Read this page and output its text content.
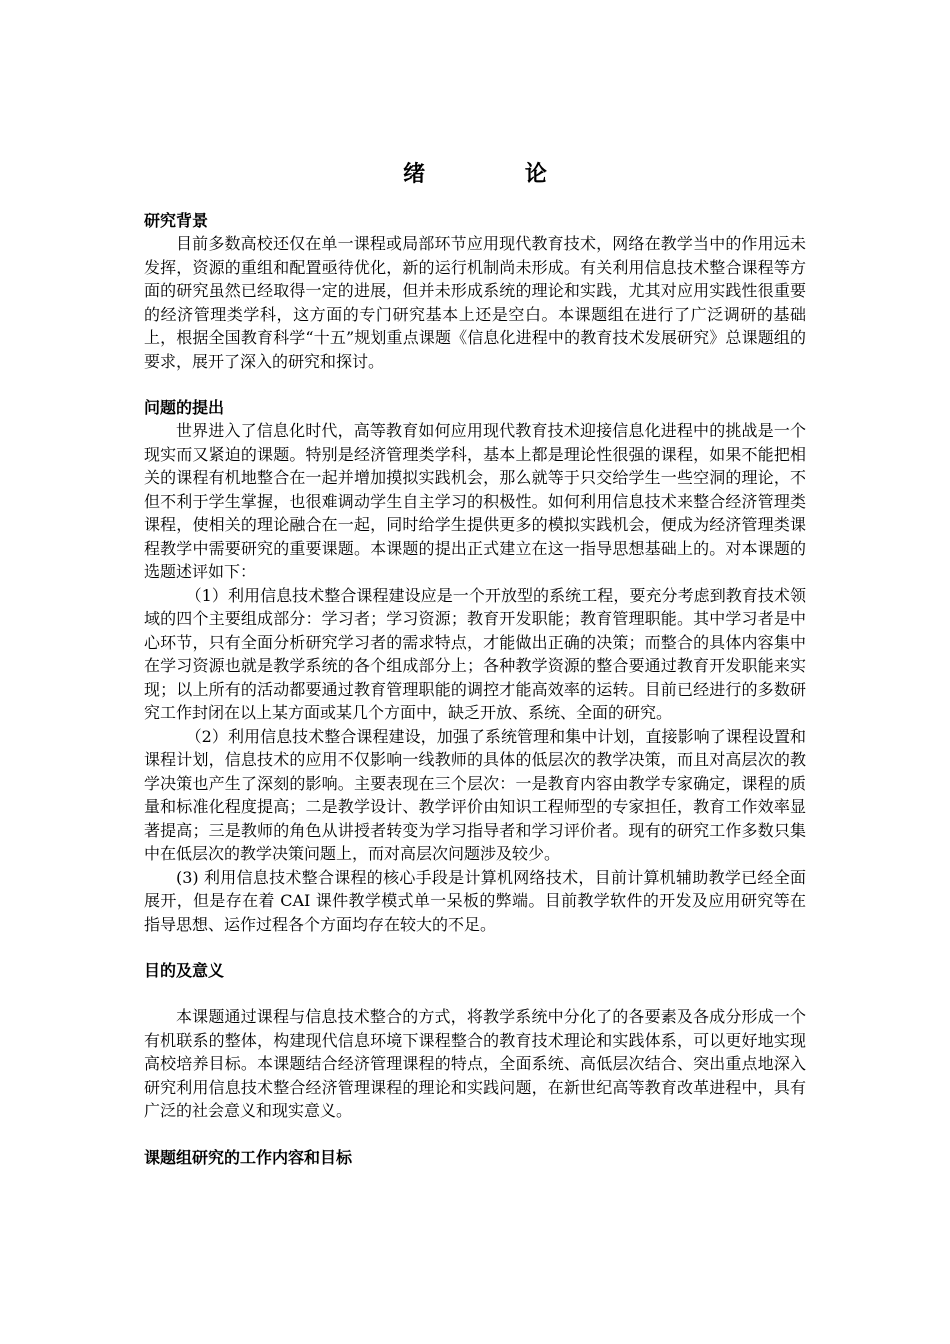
绪 论

研究背景

目前多数高校还仅在单一课程或局部环节应用现代教育技术，网络在教学当中的作用远未发挥，资源的重组和配置亟待优化，新的运行机制尚未形成。有关利用信息技术整合课程等方面的研究虽然已经取得一定的进展，但并未形成系统的理论和实践，尤其对应用实践性很重要的经济管理类学科，这方面的专门研究基本上还是空白。本课题组在进行了广泛调研的基础上，根据全国教育科学“十五”规划重点课题《信息化进程中的教育技术发展研究》总课题组的要求，展开了深入的研究和探讨。

问题的提出

世界进入了信息化时代，高等教育如何应用现代教育技术迎接信息化进程中的挑战是一个现实而又紧迫的课题。特别是经济管理类学科，基本上都是理论性很强的课程，如果不能把相关的课程有机地整合在一起并增加摸拟实践机会，那么就等于只交给学生一些空洞的理论，不但不利于学生掌握，也很难调动学生自主学习的积极性。如何利用信息技术来整合经济管理类课程，使相关的理论融合在一起，同时给学生提供更多的模拟实践机会，便成为经济管理类课程教学中需要研究的重要课题。本课题的提出正式建立在这一指导思想基础上的。对本课题的选题述评如下：

（1）利用信息技术整合课程建设应是一个开放型的系统工程，要充分考虑到教育技术领域的四个主要组成部分：学习者；学习资源；教育开发职能；教育管理职能。其中学习者是中心环节，只有全面分析研究学习者的需求特点，才能做出正确的决策；而整合的具体内容集中在学习资源也就是教学系统的各个组成部分上；各种教学资源的整合要通过教育开发职能来实现；以上所有的活动都要通过教育管理职能的调控才能高效率的运转。目前已经进行的多数研究工作封闭在以上某方面或某几个方面中，缺乏开放、系统、全面的研究。

（2）利用信息技术整合课程建设，加强了系统管理和集中计划，直接影响了课程设置和课程计划，信息技术的应用不仅影响一线教师的具体的低层次的教学决策，而且对高层次的教学决策也产生了深刻的影响。主要表现在三个层次：一是教育内容由教学专家确定，课程的质量和标准化程度提高；二是教学设计、教学评价由知识工程师型的专家担任，教育工作效率显著提高；三是教师的角色从讲授者转变为学习指导者和学习评价者。现有的研究工作多数只集中在低层次的教学决策问题上，而对高层次问题涉及较少。

(3) 利用信息技术整合课程的核心手段是计算机网络技术，目前计算机辅助教学已经全面展开，但是存在着 CAI 课件教学模式单一呆板的弊端。目前教学软件的开发及应用研究等在指导思想、运作过程各个方面均存在较大的不足。

目的及意义

本课题通过课程与信息技术整合的方式，将教学系统中分化了的各要素及各成分形成一个有机联系的整体，构建现代信息环境下课程整合的教育技术理论和实践体系，可以更好地实现高校培养目标。本课题结合经济管理课程的特点，全面系统、高低层次结合、突出重点地深入研究利用信息技术整合经济管理课程的理论和实践问题，在新世纪高等教育改革进程中，具有广泛的社会意义和现实意义。

课题组研究的工作内容和目标
